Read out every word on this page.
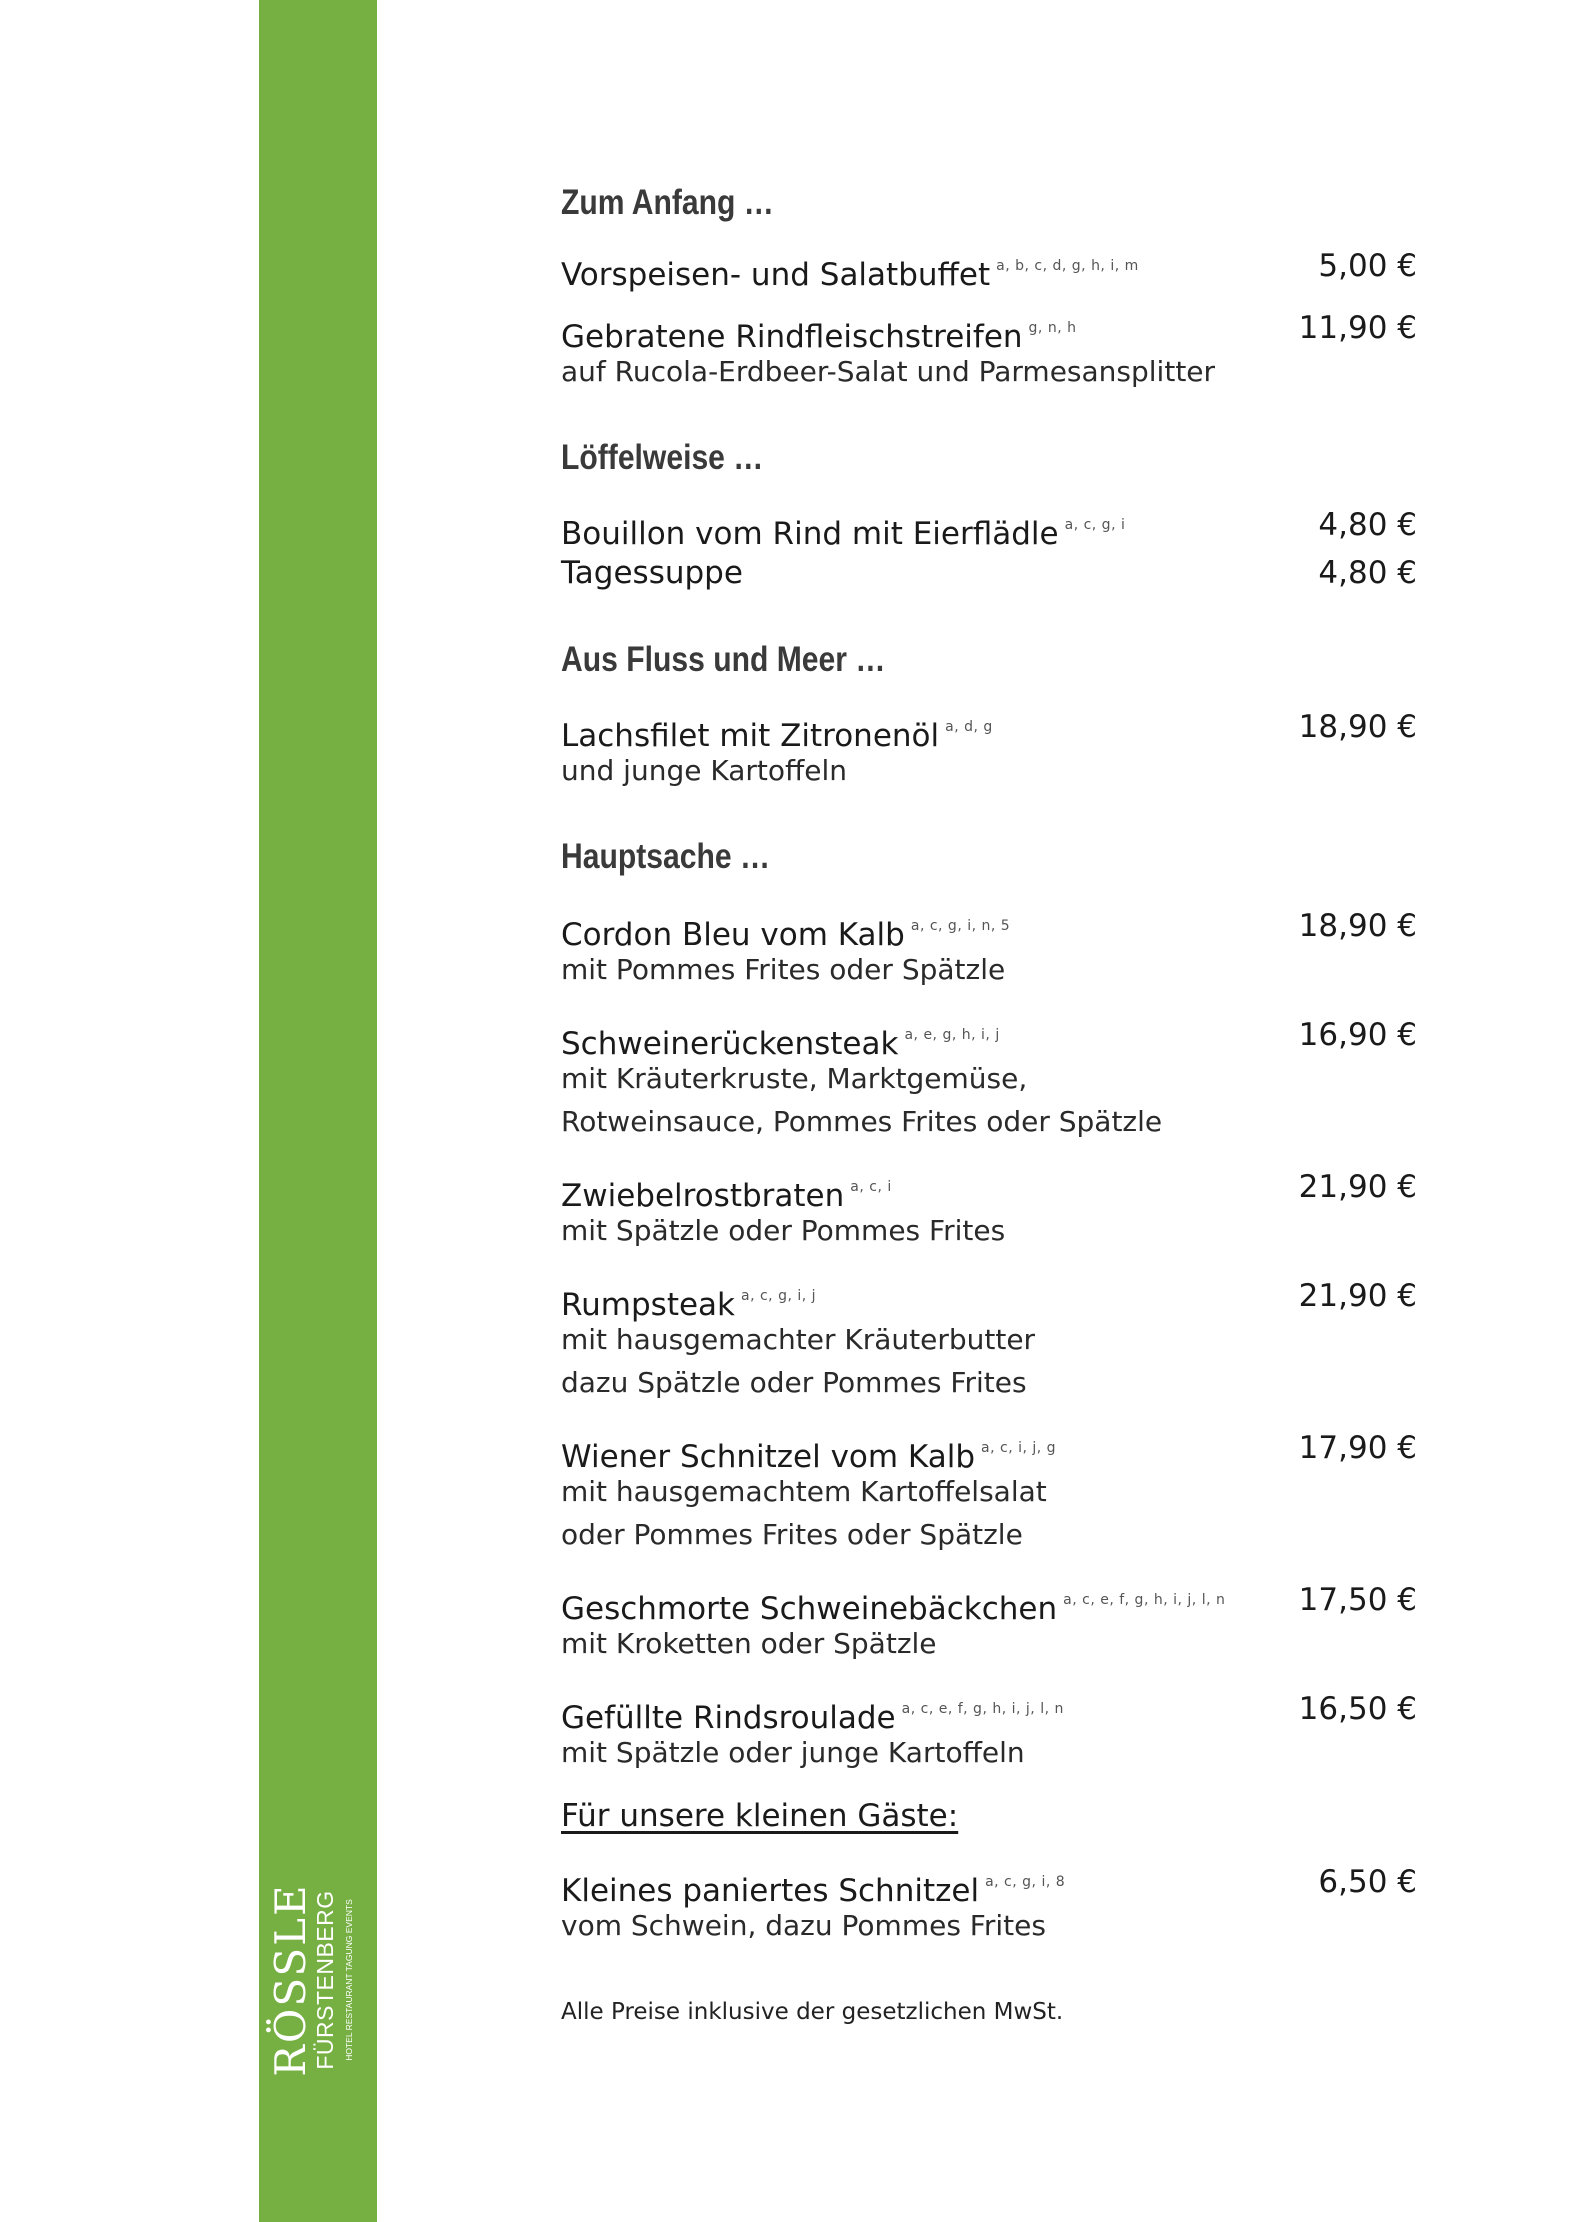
RÖSSLE
FÜRSTENBERG HOTEL RESTAURANT TAGUNG EVENTS
Zum Anfang …
Vorspeisen- und Salatbuffet $^{a, b, c, d, g, h, i, m}$	5,00 €
Gebratene Rindfleischstreifen $^{g, n, h}$	11,90 €
auf Rucola-Erdbeer-Salat und Parmesansplitter
Löffelweise …
Bouillon vom Rind mit Eierflädle $^{a, c, g, i}$	4,80 €
Tagessuppe	4,80 €
Aus Fluss und Meer …
Lachsfilet mit Zitronenöl $^{a, d, g}$	18,90 €
und junge Kartoffeln
Hauptsache …
Cordon Bleu vom Kalb $^{a, c, g, i, n, 5}$	18,90 €
mit Pommes Frites oder Spätzle
Schweinerückensteak $^{a, e, g, h, i, j}$	16,90 €
mit Kräuterkruste, Marktgemüse,
Rotweinsauce, Pommes Frites oder Spätzle
Zwiebelrostbraten $^{a, c, i}$	21,90 €
mit Spätzle oder Pommes Frites
Rumpsteak $^{a, c, g, i, j}$	21,90 €
mit hausgemachter Kräuterbutter
dazu Spätzle oder Pommes Frites
Wiener Schnitzel vom Kalb $^{a, c, i, j, g}$	17,90 €
mit hausgemachtem Kartoffelsalat
oder Pommes Frites oder Spätzle
Geschmorte Schweinebäckchen $^{a, c, e, f, g, h, i, j, l, n}$ 17,50 €
mit Kroketten oder Spätzle
Gefüllte Rindsroulade $^{a, c, e, f, g, h, i, j, l, n}$	16,50 €
mit Spätzle oder junge Kartoffeln
Für unsere kleinen Gäste:
Kleines paniertes Schnitzel $^{a, c, g, i, 8}$	6,50 €
vom Schwein, dazu Pommes Frites
Alle Preise inklusive der gesetzlichen MwSt.
